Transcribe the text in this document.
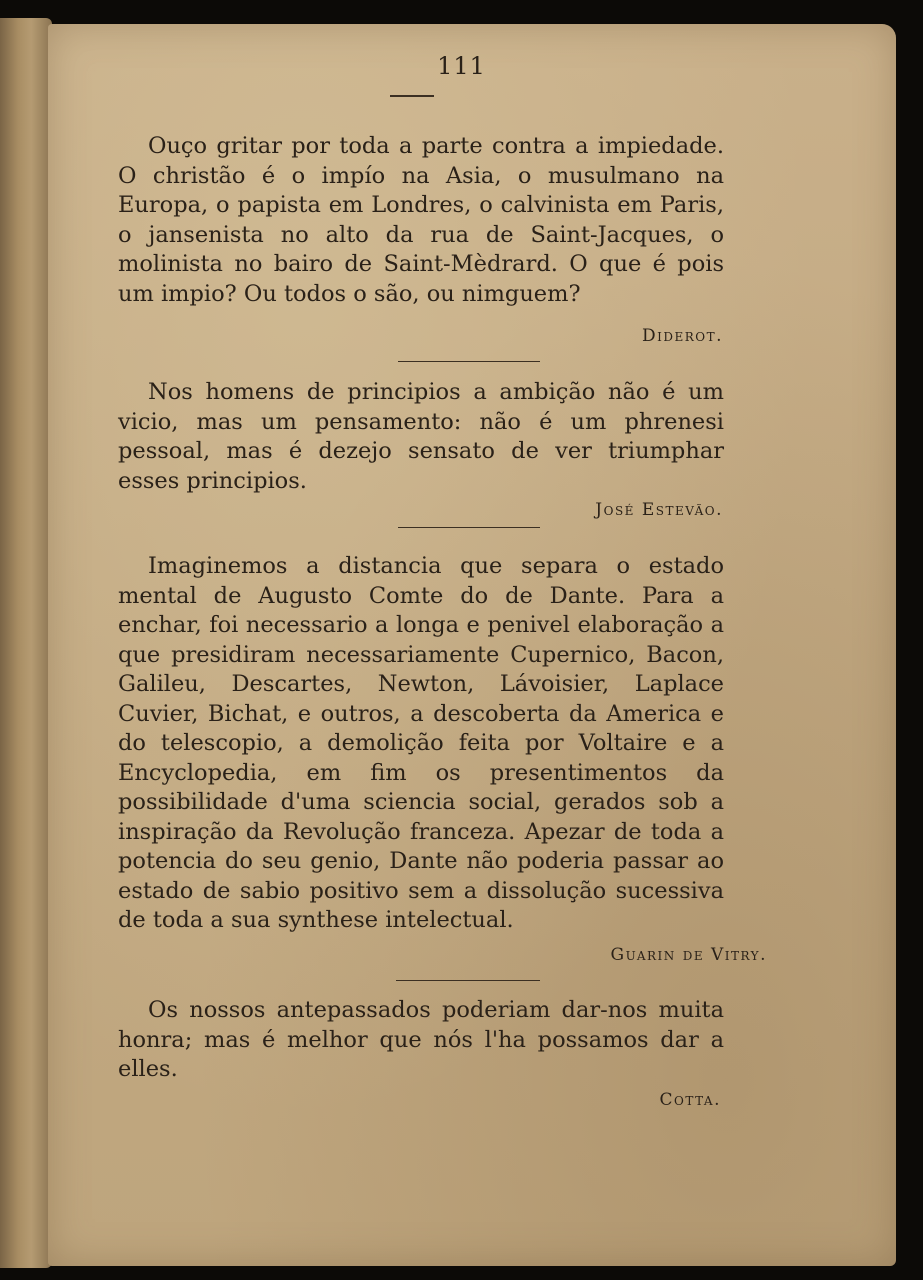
111

Ouço gritar por toda a parte contra a impiedade. O christão é o impío na Asia, o musulmano na Europa, o papista em Londres, o calvinista em Paris, o jansenista no alto da rua de Saint-Jacques, o molinista no bairo de Saint-Mèdrard. O que é pois um impio? Ou todos o são, ou nimguem?

Diderot.

Nos homens de principios a ambição não é um vicio, mas um pensamento: não é um phrenesi pessoal, mas é dezejo sensato de ver triumphar esses principios.

José Estevão.

Imaginemos a distancia que separa o estado mental de Augusto Comte do de Dante. Para a enchar, foi necessario a longa e penivel elaboração a que presidiram necessariamente Cupernico, Bacon, Galileu, Descartes, Newton, Lávoisier, Laplace Cuvier, Bichat, e outros, a descoberta da America e do telescopio, a demolição feita por Voltaire e a Encyclopedia, em fim os presentimentos da possibilidade d'uma sciencia social, gerados sob a inspiração da Revolução franceza. Apezar de toda a potencia do seu genio, Dante não poderia passar ao estado de sabio positivo sem a dissolução sucessiva de toda a sua synthese intelectual.

Guarin de Vitry.

Os nossos antepassados poderiam dar-nos muita honra; mas é melhor que nós l'ha possamos dar a elles.

Cotta.
